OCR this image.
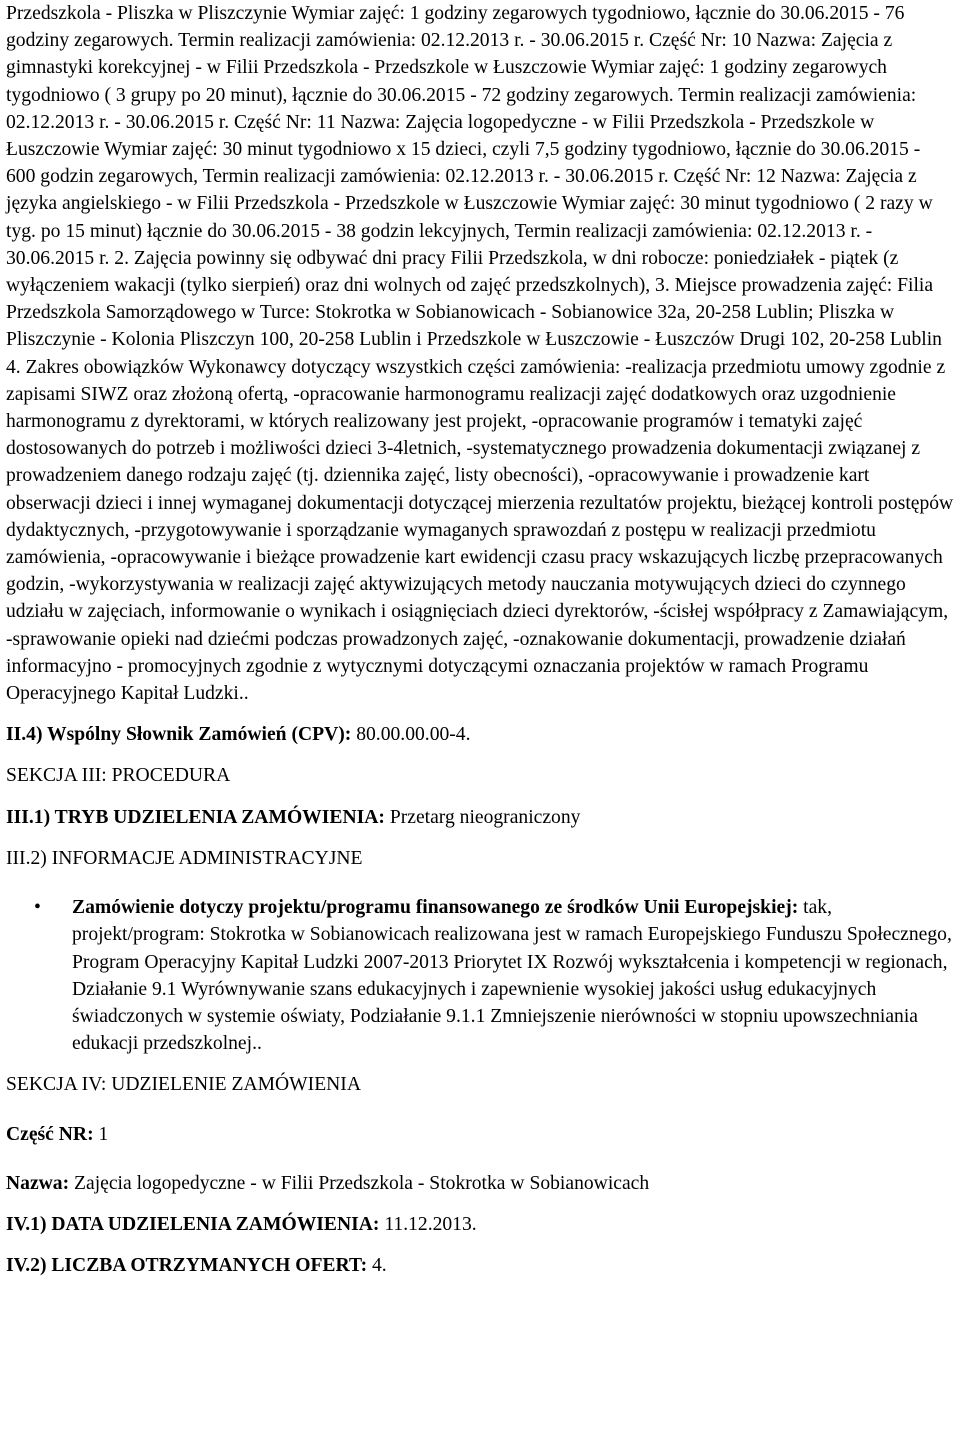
Przedszkola - Pliszka w Pliszczynie Wymiar zajęć: 1 godziny zegarowych tygodniowo, łącznie do 30.06.2015 - 76 godziny zegarowych. Termin realizacji zamówienia: 02.12.2013 r. - 30.06.2015 r. Część Nr: 10 Nazwa: Zajęcia z gimnastyki korekcyjnej - w Filii Przedszkola - Przedszkole w Łuszczowie Wymiar zajęć: 1 godziny zegarowych tygodniowo ( 3 grupy po 20 minut), łącznie do 30.06.2015 - 72 godziny zegarowych. Termin realizacji zamówienia: 02.12.2013 r. - 30.06.2015 r. Część Nr: 11 Nazwa: Zajęcia logopedyczne - w Filii Przedszkola - Przedszkole w Łuszczowie Wymiar zajęć: 30 minut tygodniowo x 15 dzieci, czyli 7,5 godziny tygodniowo, łącznie do 30.06.2015 - 600 godzin zegarowych, Termin realizacji zamówienia: 02.12.2013 r. - 30.06.2015 r. Część Nr: 12 Nazwa: Zajęcia z języka angielskiego - w Filii Przedszkola - Przedszkole w Łuszczowie Wymiar zajęć: 30 minut tygodniowo ( 2 razy w tyg. po 15 minut) łącznie do 30.06.2015 - 38 godzin lekcyjnych, Termin realizacji zamówienia: 02.12.2013 r. - 30.06.2015 r. 2. Zajęcia powinny się odbywać dni pracy Filii Przedszkola, w dni robocze: poniedziałek - piątek (z wyłączeniem wakacji (tylko sierpień) oraz dni wolnych od zajęć przedszkolnych), 3. Miejsce prowadzenia zajęć: Filia Przedszkola Samorządowego w Turce: Stokrotka w Sobianowicach - Sobianowice 32a, 20-258 Lublin; Pliszka w Pliszczynie - Kolonia Pliszczyn 100, 20-258 Lublin i Przedszkole w Łuszczowie - Łuszczów Drugi 102, 20-258 Lublin 4. Zakres obowiązków Wykonawcy dotyczący wszystkich części zamówienia: -realizacja przedmiotu umowy zgodnie z zapisami SIWZ oraz złożoną ofertą, -opracowanie harmonogramu realizacji zajęć dodatkowych oraz uzgodnienie harmonogramu z dyrektorami, w których realizowany jest projekt, -opracowanie programów i tematyki zajęć dostosowanych do potrzeb i możliwości dzieci 3-4letnich, -systematycznego prowadzenia dokumentacji związanej z prowadzeniem danego rodzaju zajęć (tj. dziennika zajęć, listy obecności), -opracowywanie i prowadzenie kart obserwacji dzieci i innej wymaganej dokumentacji dotyczącej mierzenia rezultatów projektu, bieżącej kontroli postępów dydaktycznych, -przygotowywanie i sporządzanie wymaganych sprawozdań z postępu w realizacji przedmiotu zamówienia, -opracowywanie i bieżące prowadzenie kart ewidencji czasu pracy wskazujących liczbę przepracowanych godzin, -wykorzystywania w realizacji zajęć aktywizujących metody nauczania motywujących dzieci do czynnego udziału w zajęciach, informowanie o wynikach i osiągnięciach dzieci dyrektorów, -ścisłej współpracy z Zamawiającym, -sprawowanie opieki nad dziećmi podczas prowadzonych zajęć, -oznakowanie dokumentacji, prowadzenie działań informacyjno - promocyjnych zgodnie z wytycznymi dotyczącymi oznaczania projektów w ramach Programu Operacyjnego Kapitał Ludzki..

II.4) Wspólny Słownik Zamówień (CPV): 80.00.00.00-4.

SEKCJA III: PROCEDURA

III.1) TRYB UDZIELENIA ZAMÓWIENIA: Przetarg nieograniczony

III.2) INFORMACJE ADMINISTRACYJNE

• Zamówienie dotyczy projektu/programu finansowanego ze środków Unii Europejskiej: tak, projekt/program: Stokrotka w Sobianowicach realizowana jest w ramach Europejskiego Funduszu Społecznego, Program Operacyjny Kapitał Ludzki 2007-2013 Priorytet IX Rozwój wykształcenia i kompetencji w regionach, Działanie 9.1 Wyrównywanie szans edukacyjnych i zapewnienie wysokiej jakości usług edukacyjnych świadczonych w systemie oświaty, Podziałanie 9.1.1 Zmniejszenie nierówności w stopniu upowszechniania edukacji przedszkolnej..

SEKCJA IV: UDZIELENIE ZAMÓWIENIA

Część NR: 1

Nazwa: Zajęcia logopedyczne - w Filii Przedszkola - Stokrotka w Sobianowicach

IV.1) DATA UDZIELENIA ZAMÓWIENIA: 11.12.2013.

IV.2) LICZBA OTRZYMANYCH OFERT: 4.
